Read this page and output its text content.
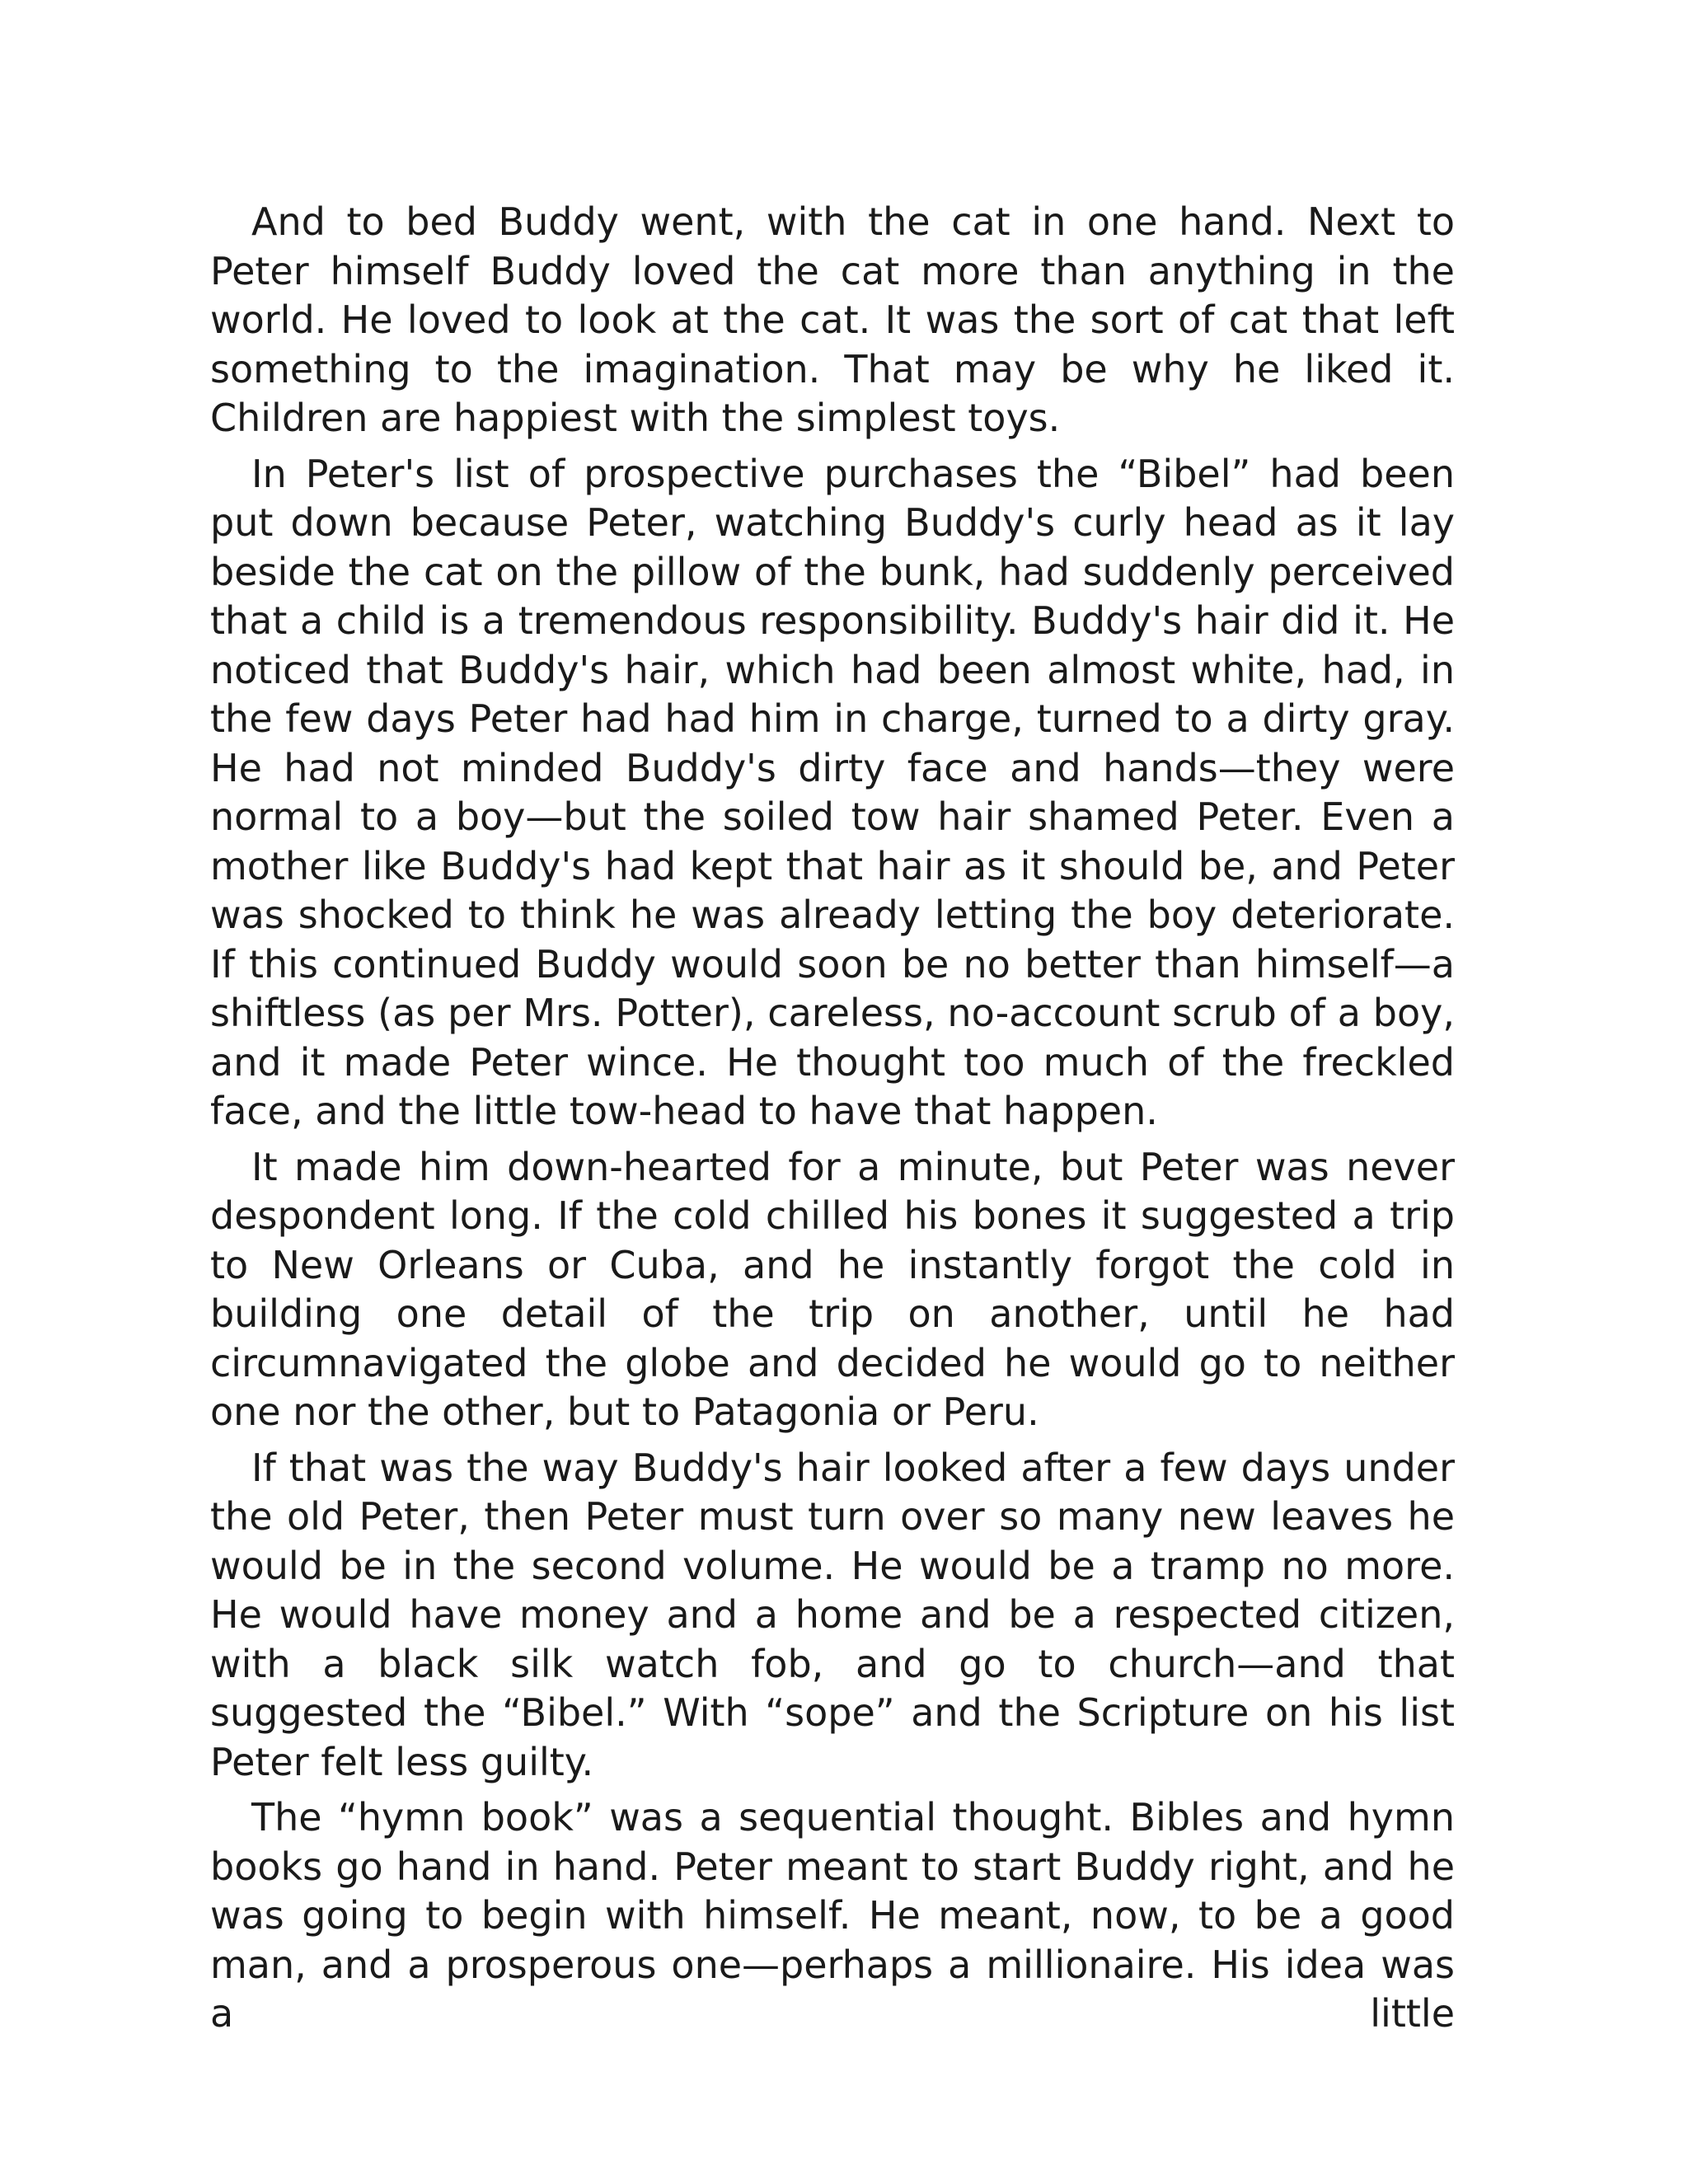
And to bed Buddy went, with the cat in one hand. Next to Peter himself Buddy loved the cat more than anything in the world. He loved to look at the cat. It was the sort of cat that left something to the imagination. That may be why he liked it. Children are happiest with the simplest toys.

In Peter's list of prospective purchases the “Bibel” had been put down because Peter, watching Buddy's curly head as it lay beside the cat on the pillow of the bunk, had suddenly perceived that a child is a tremendous responsibility. Buddy's hair did it. He noticed that Buddy's hair, which had been almost white, had, in the few days Peter had had him in charge, turned to a dirty gray. He had not minded Buddy's dirty face and hands—they were normal to a boy—but the soiled tow hair shamed Peter. Even a mother like Buddy's had kept that hair as it should be, and Peter was shocked to think he was already letting the boy deteriorate. If this continued Buddy would soon be no better than himself—a shiftless (as per Mrs. Potter), careless, no-account scrub of a boy, and it made Peter wince. He thought too much of the freckled face, and the little tow-head to have that happen.

It made him down-hearted for a minute, but Peter was never despondent long. If the cold chilled his bones it suggested a trip to New Orleans or Cuba, and he instantly forgot the cold in building one detail of the trip on another, until he had circumnavigated the globe and decided he would go to neither one nor the other, but to Patagonia or Peru.

If that was the way Buddy's hair looked after a few days under the old Peter, then Peter must turn over so many new leaves he would be in the second volume. He would be a tramp no more. He would have money and a home and be a respected citizen, with a black silk watch fob, and go to church—and that suggested the “Bibel.” With “sope” and the Scripture on his list Peter felt less guilty.

The “hymn book” was a sequential thought. Bibles and hymn books go hand in hand. Peter meant to start Buddy right, and he was going to begin with himself. He meant, now, to be a good man, and a prosperous one—perhaps a millionaire. His idea was a little
